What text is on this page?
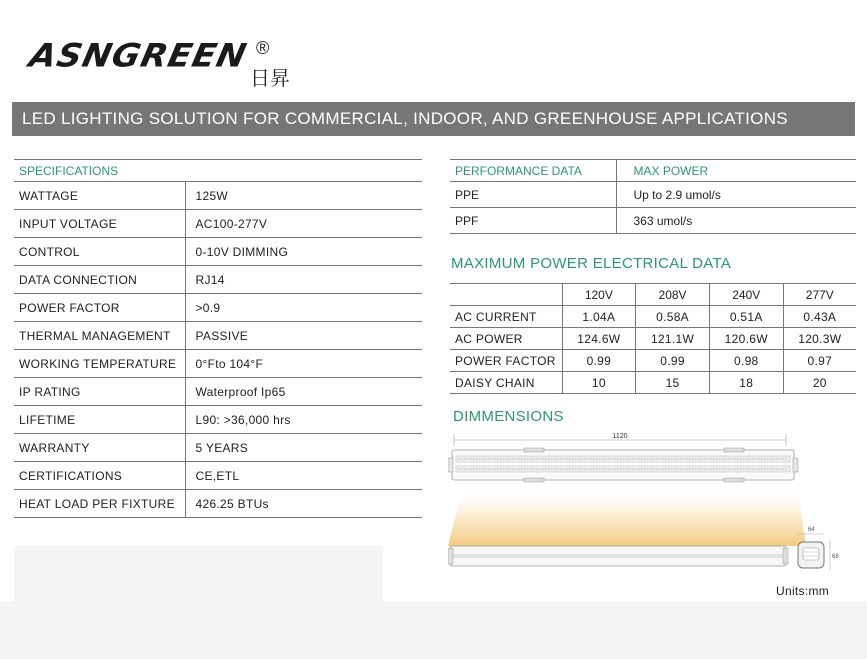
ASNGREEN ®
日昇
LED LIGHTING SOLUTION FOR COMMERCIAL, INDOOR, AND GREENHOUSE APPLICATIONS
SPECIFICATIONS	
WATTAGE	125W
INPUT VOLTAGE	AC100-277V
CONTROL	0-10V DIMMING
DATA CONNECTION	RJ14
POWER FACTOR	>0.9
THERMAL MANAGEMENT	PASSIVE
WORKING TEMPERATURE	0°Fto 104°F
IP RATING	Waterproof Ip65
LIFETIME	L90: >36,000 hrs
WARRANTY	5 YEARS
CERTIFICATIONS	CE,ETL
HEAT LOAD PER FIXTURE	426.25 BTUs
PERFORMANCE DATA	MAX POWER
PPE	Up to 2.9 umol/s
PPF	363 umol/s
MAXIMUM POWER ELECTRICAL DATA
	120V	208V	240V	277V
AC CURRENT	1.04A	0.58A	0.51A	0.43A
AC POWER	124.6W	121.1W	120.6W	120.3W
POWER FACTOR	0.99	0.99	0.98	0.97
DAISY CHAIN	10	15	18	20
DIMMENSIONS
1120
64
68
Units:mm
